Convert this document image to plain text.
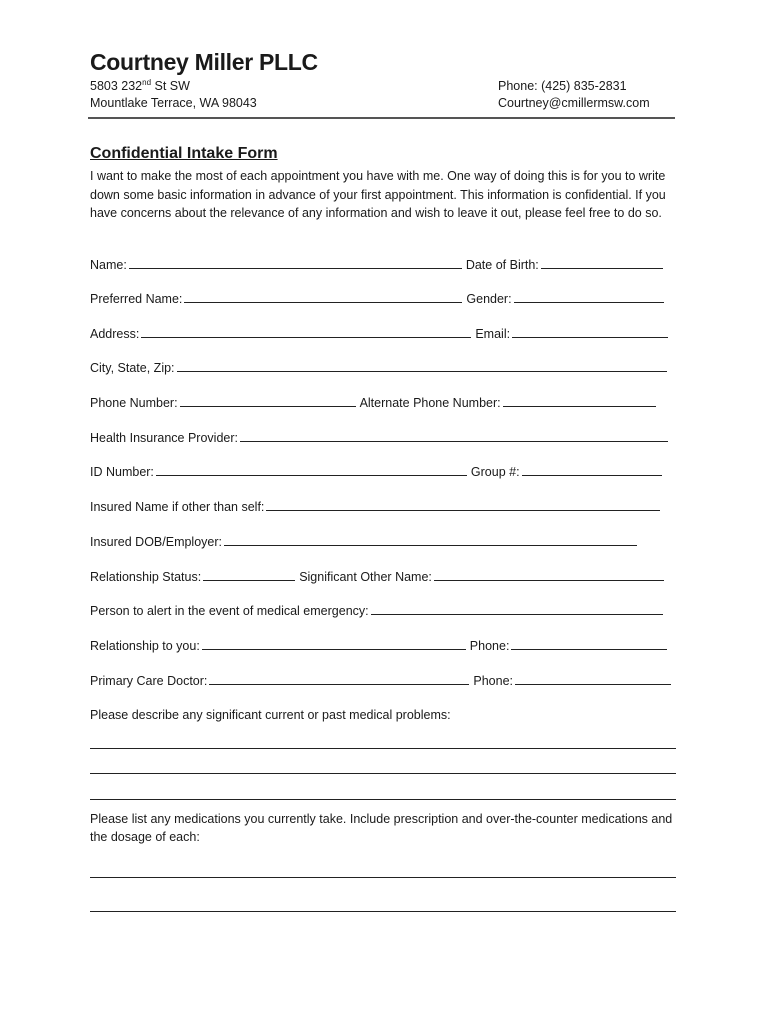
Courtney Miller PLLC
5803 232nd St SW
Mountlake Terrace, WA 98043
Phone: (425) 835-2831
Courtney@cmillermsw.com
Confidential Intake Form
I want to make the most of each appointment you have with me. One way of doing this is for you to write down some basic information in advance of your first appointment. This information is confidential. If you have concerns about the relevance of any information and wish to leave it out, please feel free to do so.
Name:	Date of Birth:
Preferred Name:	Gender:
Address:	Email:
City, State, Zip:
Phone Number:	Alternate Phone Number:
Health Insurance Provider:
ID Number:	Group #:
Insured Name if other than self:
Insured DOB/Employer:
Relationship Status:	Significant Other Name:
Person to alert in the event of medical emergency:
Relationship to you:	Phone:
Primary Care Doctor:	Phone:
Please describe any significant current or past medical problems:
Please list any medications you currently take. Include prescription and over-the-counter medications and the dosage of each:
